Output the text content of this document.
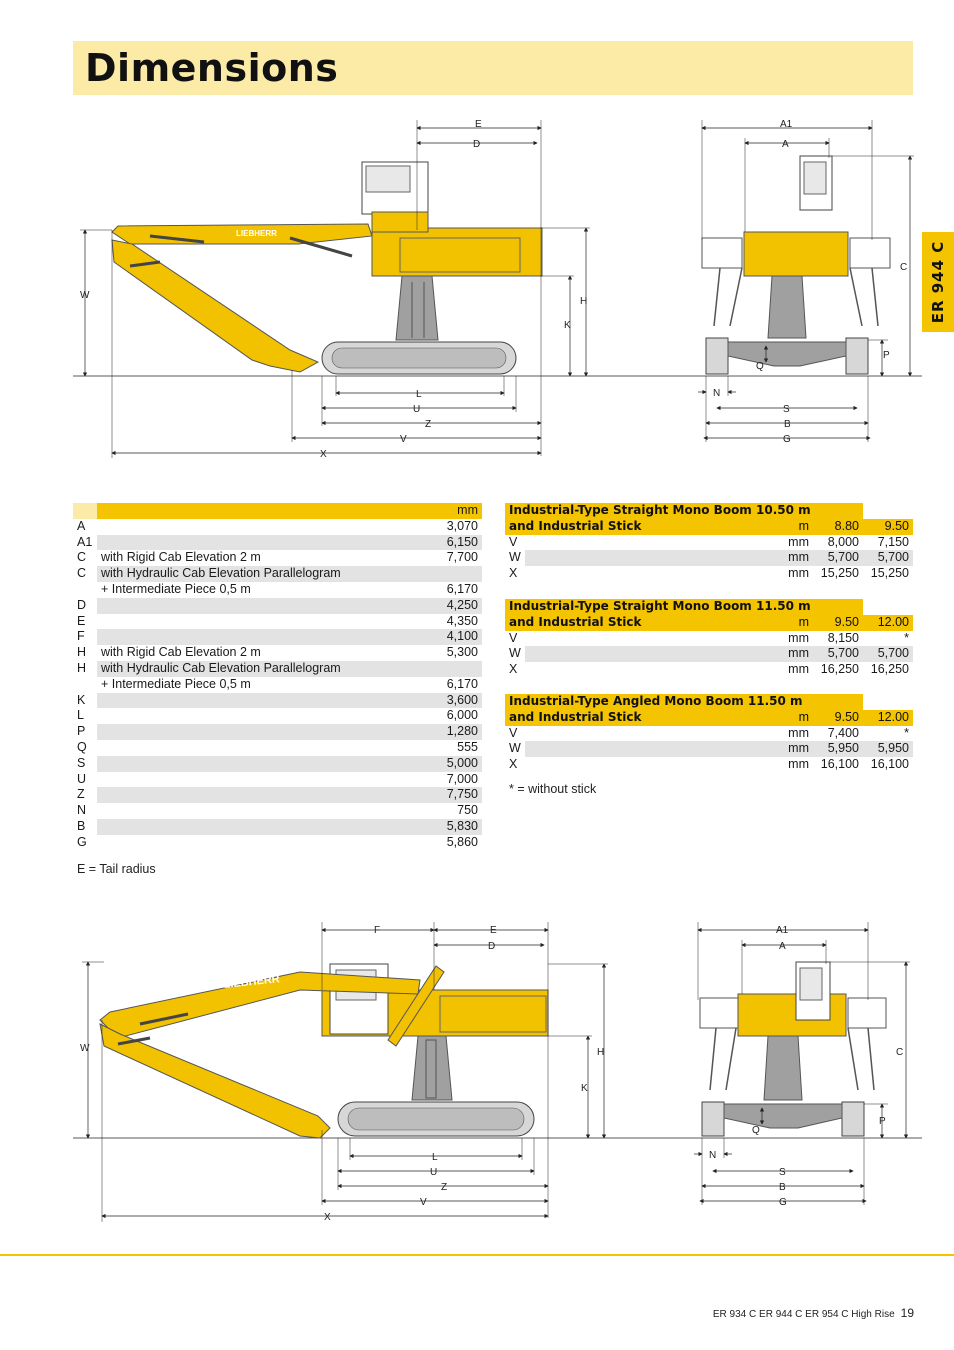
Dimensions
ER 944 C
LIEBHERR
E
D
W
H
K
L
U
Z
V
X
A1
A
C
P
Q
N
S
B
G
LIEBHERR
F	E
D
W	H
K
L
U
Z
V
X
A1
A
C
P
Q
N
S
B
G
		mm
A		3,070
A1		6,150
C	with Rigid Cab Elevation 2 m	7,700
C	with Hydraulic Cab Elevation Parallelogram	
	+ Intermediate Piece 0,5 m	6,170
D		4,250
E		4,350
F		4,100
H	with Rigid Cab Elevation 2 m	5,300
H	with Hydraulic Cab Elevation Parallelogram	
	+ Intermediate Piece 0,5 m	6,170
K		3,600
L		6,000
P		1,280
Q		555
S		5,000
U		7,000
Z		7,750
N		750
B		5,830
G		5,860
E = Tail radius
Industrial-Type Straight Mono Boom 10.50 m				
and Industrial Stick		m	8.80	9.50
V		mm	8,000	7,150
W		mm	5,700	5,700
X		mm	15,250	15,250
Industrial-Type Straight Mono Boom 11.50 m				
and Industrial Stick		m	9.50	12.00
V		mm	8,150	*
W		mm	5,700	5,700
X		mm	16,250	16,250
Industrial-Type Angled Mono Boom 11.50 m				
and Industrial Stick		m	9.50	12.00
V		mm	7,400	*
W		mm	5,950	5,950
X		mm	16,100	16,100
* = without stick
ER 934 C ER 944 C ER 954 C High Rise 19
